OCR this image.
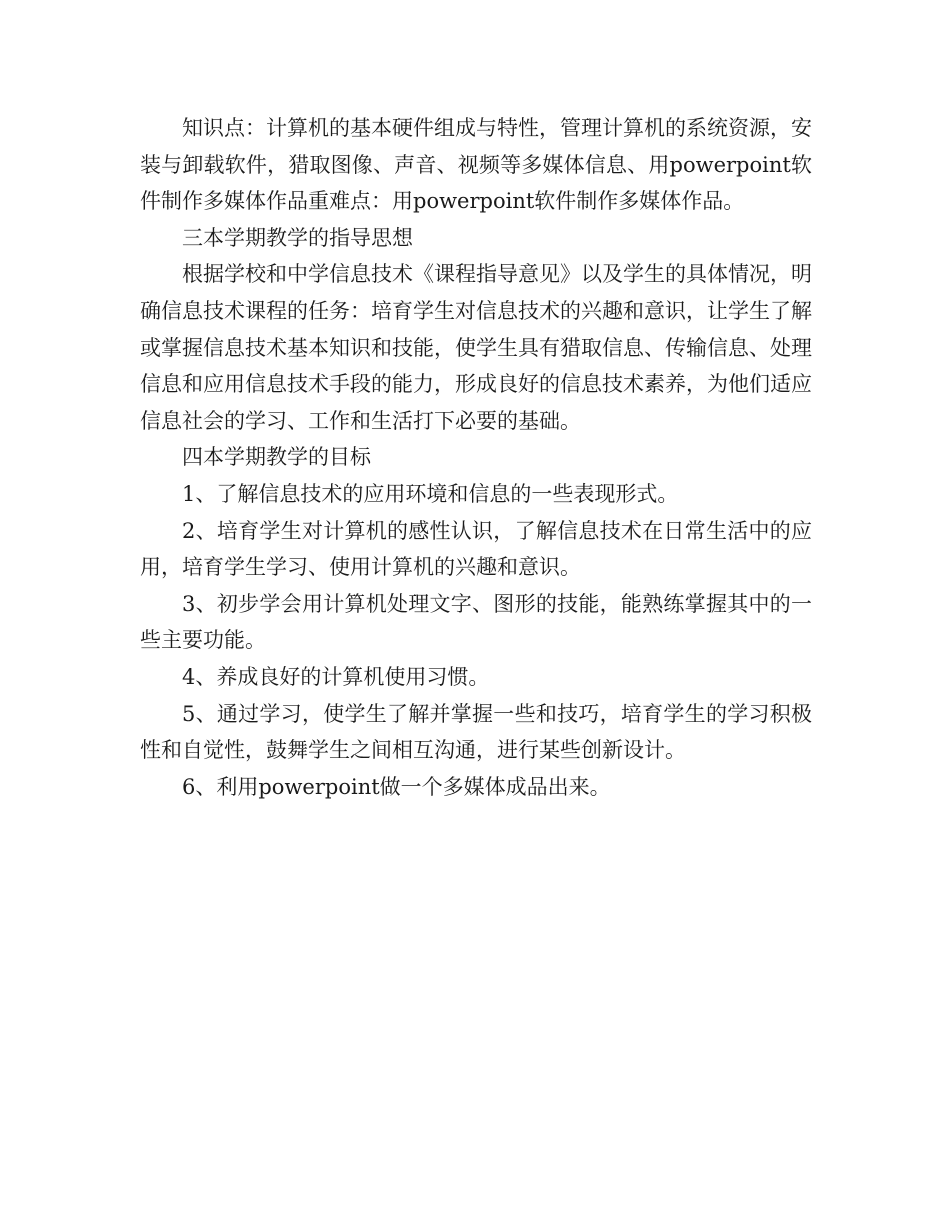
知识点：计算机的基本硬件组成与特性，管理计算机的系统资源，安装与卸载软件，猎取图像、声音、视频等多媒体信息、用powerpoint软件制作多媒体作品重难点：用powerpoint软件制作多媒体作品。

三本学期教学的指导思想

根据学校和中学信息技术《课程指导意见》以及学生的具体情况，明确信息技术课程的任务：培育学生对信息技术的兴趣和意识，让学生了解或掌握信息技术基本知识和技能，使学生具有猎取信息、传输信息、处理信息和应用信息技术手段的能力，形成良好的信息技术素养，为他们适应信息社会的学习、工作和生活打下必要的基础。

四本学期教学的目标

1、了解信息技术的应用环境和信息的一些表现形式。

2、培育学生对计算机的感性认识，了解信息技术在日常生活中的应用，培育学生学习、使用计算机的兴趣和意识。

3、初步学会用计算机处理文字、图形的技能，能熟练掌握其中的一些主要功能。

4、养成良好的计算机使用习惯。

5、通过学习，使学生了解并掌握一些和技巧，培育学生的学习积极性和自觉性，鼓舞学生之间相互沟通，进行某些创新设计。

6、利用powerpoint做一个多媒体成品出来。
